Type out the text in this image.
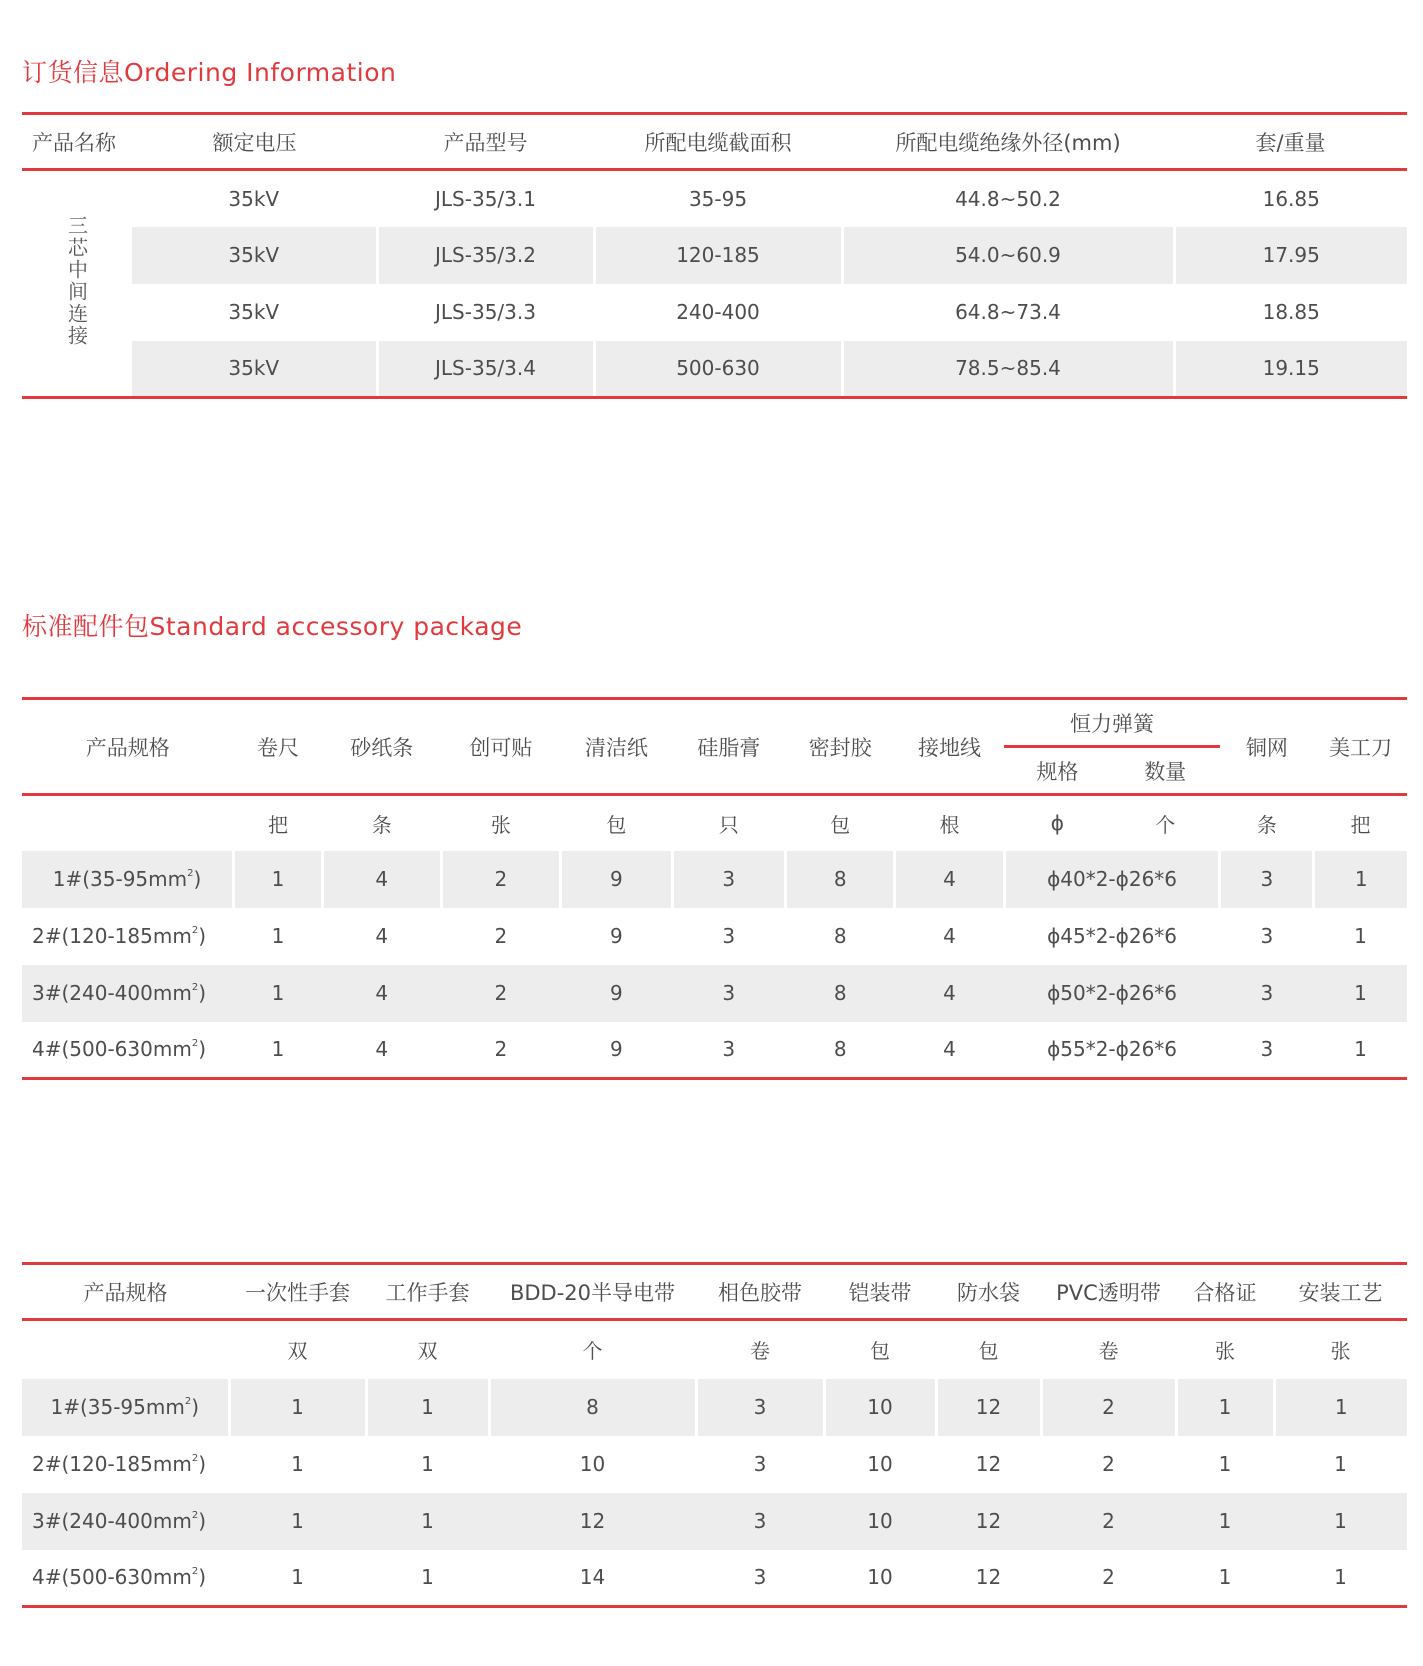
订货信息Ordering Information
产品名称	额定电压	产品型号	所配电缆截面积	所配电缆绝缘外径(mm)	套/重量
三芯中间连接	35kV	JLS-35/3.1	35-95	44.8~50.2	16.85
	35kV	JLS-35/3.2	120-185	54.0~60.9	17.95
	35kV	JLS-35/3.3	240-400	64.8~73.4	18.85
	35kV	JLS-35/3.4	500-630	78.5~85.4	19.15
标准配件包Standard accessory package
产品规格	卷尺	砂纸条	创可贴	清洁纸	硅脂膏	密封胶	接地线	恒力弹簧		铜网	美工刀
								规格	数量		
	把	条	张	包	只	包	根	ϕ	个	条	把
$1\#(35-95mm^2)$	1	4	2	9	3	8	4	ϕ40*2-ϕ26*6		3	1
$2\#(120-185mm^2)$	1	4	2	9	3	8	4	ϕ45*2-ϕ26*6		3	1
$3\#(240-400mm^2)$	1	4	2	9	3	8	4	ϕ50*2-ϕ26*6		3	1
$4\#(500-630mm^2)$	1	4	2	9	3	8	4	ϕ55*2-ϕ26*6		3	1
产品规格	一次性手套	工作手套	BDD-20半导电带	相色胶带	铠装带	防水袋	PVC透明带	合格证	安装工艺
	双	双	个	卷	包	包	卷	张	张
$1\#(35-95mm^2)$	1	1	8	3	10	12	2	1	1
$2\#(120-185mm^2)$	1	1	10	3	10	12	2	1	1
$3\#(240-400mm^2)$	1	1	12	3	10	12	2	1	1
$4\#(500-630mm^2)$	1	1	14	3	10	12	2	1	1
